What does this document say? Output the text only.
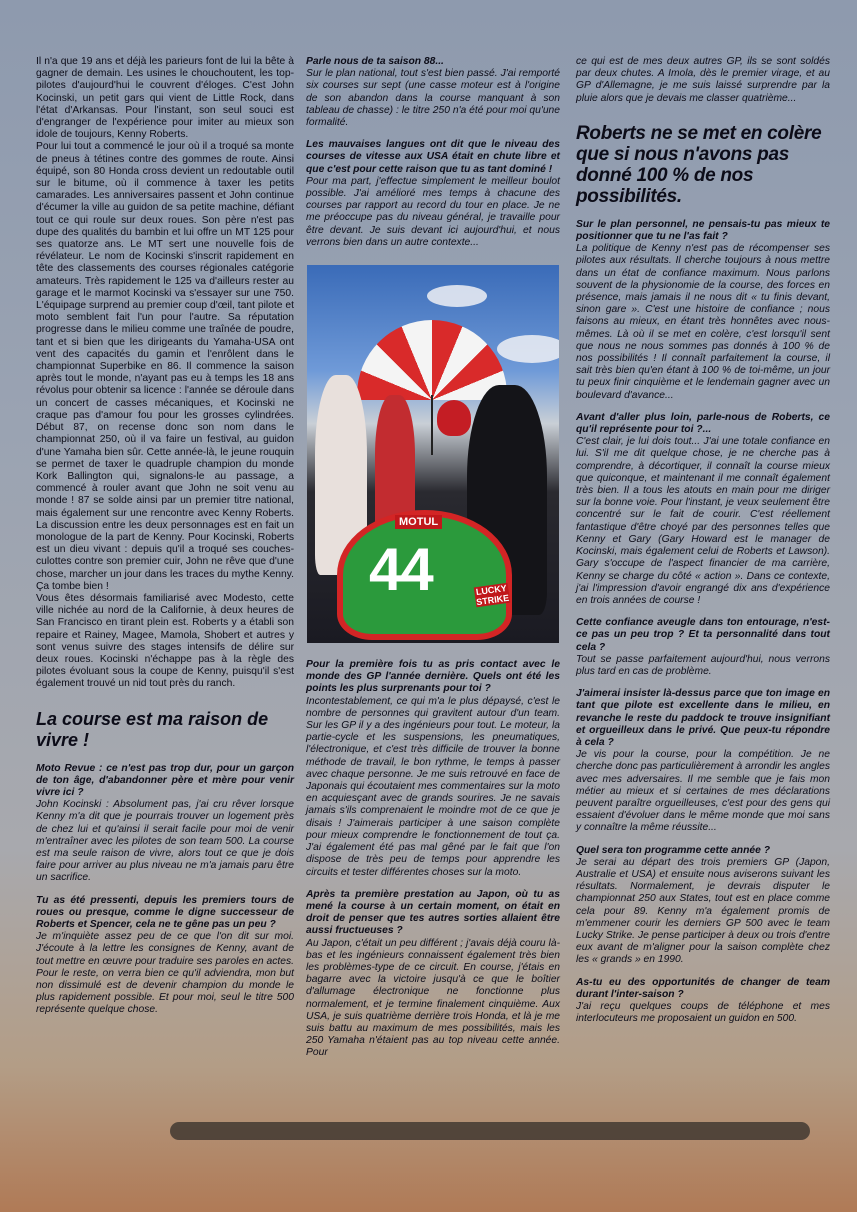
Il n'a que 19 ans et déjà les parieurs font de lui la bête à gagner de demain. Les usines le chouchoutent, les top-pilotes d'aujourd'hui le couvrent d'éloges. C'est John Kocinski, un petit gars qui vient de Little Rock, dans l'état d'Arkansas. Pour l'instant, son seul souci est d'engranger de l'expérience pour imiter au mieux son idole de toujours, Kenny Roberts.

Pour lui tout a commencé le jour où il a troqué sa monte de pneus à tétines contre des gommes de route. Ainsi équipé, son 80 Honda cross devient un redoutable outil sur le bitume, où il commence à taxer les petits camarades. Les anniversaires passent et John continue d'écumer la ville au guidon de sa petite machine, défiant tout ce qui roule sur deux roues. Son père n'est pas dupe des qualités du bambin et lui offre un MT 125 pour ses quatorze ans. Le MT sert une nouvelle fois de révélateur. Le nom de Kocinski s'inscrit rapidement en tête des classements des courses régionales catégorie amateurs. Très rapidement le 125 va d'ailleurs rester au garage et le marmot Kocinski va s'essayer sur une 750. L'équipage surprend au premier coup d'œil, tant pilote et moto semblent fait l'un pour l'autre. Sa réputation progresse dans le milieu comme une traînée de poudre, tant et si bien que les dirigeants du Yamaha-USA ont vent des capacités du gamin et l'enrôlent dans le championnat Superbike en 86. Il commence la saison après tout le monde, n'ayant pas eu à temps les 18 ans révolus pour obtenir sa licence : l'année se déroule dans un concert de casses mécaniques, et Kocinski ne craque pas d'amour fou pour les grosses cylindrées. Début 87, on recense donc son nom dans le championnat 250, où il va faire un festival, au guidon d'une Yamaha bien sûr. Cette année-là, le jeune rouquin se permet de taxer le quadruple champion du monde Kork Ballington qui, signalons-le au passage, a commencé à rouler avant que John ne soit venu au monde ! 87 se solde ainsi par un premier titre national, mais également sur une rencontre avec Kenny Roberts. La discussion entre les deux personnages est en fait un monologue de la part de Kenny. Pour Kocinski, Roberts est un dieu vivant : depuis qu'il a troqué ses couches-culottes contre son premier cuir, John ne rêve que d'une chose, marcher un jour dans les traces du mythe Kenny. Ça tombe bien !

Vous êtes désormais familiarisé avec Modesto, cette ville nichée au nord de la Californie, à deux heures de San Francisco en tirant plein est. Roberts y a établi son repaire et Rainey, Magee, Mamola, Shobert et autres y sont venus suivre des stages intensifs de délire sur deux roues. Kocinski n'échappe pas à la règle des pilotes évoluant sous la coupe de Kenny, puisqu'il s'est également trouvé un nid tout près du ranch.

La course est ma raison de vivre !

Moto Revue : ce n'est pas trop dur, pour un garçon de ton âge, d'abandonner père et mère pour venir vivre ici ?

John Kocinski : Absolument pas, j'ai cru rêver lorsque Kenny m'a dit que je pourrais trouver un logement près de chez lui et qu'ainsi il serait facile pour moi de venir m'entraîner avec les pilotes de son team 500. La course est ma seule raison de vivre, alors tout ce que je dois faire pour arriver au plus niveau ne m'a jamais paru être un sacrifice.

Tu as été pressenti, depuis les premiers tours de roues ou presque, comme le digne successeur de Roberts et Spencer, cela ne te gêne pas un peu ?

Je m'inquiète assez peu de ce que l'on dit sur moi. J'écoute à la lettre les consignes de Kenny, avant de tout mettre en œuvre pour traduire ses paroles en actes. Pour le reste, on verra bien ce qu'il adviendra, mon but non dissimulé est de devenir champion du monde le plus rapidement possible. Et pour moi, seul le titre 500 représente quelque chose.

Parle nous de ta saison 88...

Sur le plan national, tout s'est bien passé. J'ai remporté six courses sur sept (une casse moteur est à l'origine de son abandon dans la course manquant à son tableau de chasse) : le titre 250 n'a été pour moi qu'une formalité.

Les mauvaises langues ont dit que le niveau des courses de vitesse aux USA était en chute libre et que c'est pour cette raison que tu as tant dominé !

Pour ma part, j'effectue simplement le meilleur boulot possible. J'ai amélioré mes temps à chacune des courses par rapport au record du tour en place. Je ne me préoccupe pas du niveau général, je travaille pour être devant. Je suis devant ici aujourd'hui, et nous verrons bien dans un autre contexte...

Pour la première fois tu as pris contact avec le monde des GP l'année dernière. Quels ont été les points les plus surprenants pour toi ?

Incontestablement, ce qui m'a le plus dépaysé, c'est le nombre de personnes qui gravitent autour d'un team. Sur les GP il y a des ingénieurs pour tout. Le moteur, la partie-cycle et les suspensions, les pneumatiques, l'électronique, et c'est très difficile de trouver la bonne méthode de travail, le bon rythme, le temps à passer avec chaque personne. Je me suis retrouvé en face de Japonais qui écoutaient mes commentaires sur la moto en acquiesçant avec de grands sourires. Je ne savais jamais s'ils comprenaient le moindre mot de ce que je disais ! J'aimerais participer à une saison complète pour mieux comprendre le fonctionnement de tout ça. J'ai également été pas mal gêné par le fait que l'on dispose de très peu de temps pour apprendre les circuits et tester différentes choses sur la moto.

Après ta première prestation au Japon, où tu as mené la course à un certain moment, on était en droit de penser que tes autres sorties allaient être aussi fructueuses ?

Au Japon, c'était un peu différent ; j'avais déjà couru là-bas et les ingénieurs connaissent également très bien les problèmes-type de ce circuit. En course, j'étais en bagarre avec la victoire jusqu'à ce que le boîtier d'allumage électronique ne fonctionne plus normalement, et je termine finalement cinquième. Aux USA, je suis quatrième derrière trois Honda, et là je me suis battu au maximum de mes possibilités, mais les 250 Yamaha n'étaient pas au top niveau cette année. Pour

MOTUL
44	LUCKY STRIKE

ce qui est de mes deux autres GP, ils se sont soldés par deux chutes. A Imola, dès le premier virage, et au GP d'Allemagne, je me suis laissé surprendre par la pluie alors que je devais me classer quatrième...

Roberts ne se met en colère que si nous n'avons pas donné 100 % de nos possibilités.

Sur le plan personnel, ne pensais-tu pas mieux te positionner que tu ne l'as fait ?

La politique de Kenny n'est pas de récompenser ses pilotes aux résultats. Il cherche toujours à nous mettre dans un état de confiance maximum. Nous parlons souvent de la physionomie de la course, des forces en présence, mais jamais il ne nous dit « tu finis devant, sinon gare ». C'est une histoire de confiance ; nous faisons au mieux, en étant très honnêtes avec nous-mêmes. Là où il se met en colère, c'est lorsqu'il sent que nous ne nous sommes pas donnés à 100 % de nos possibilités ! Il connaît parfaitement la course, il sait très bien qu'en étant à 100 % de toi-même, un jour tu peux finir cinquième et le lendemain gagner avec un boulevard d'avance...

Avant d'aller plus loin, parle-nous de Roberts, ce qu'il représente pour toi ?...

C'est clair, je lui dois tout... J'ai une totale confiance en lui. S'il me dit quelque chose, je ne cherche pas à comprendre, à décortiquer, il connaît la course mieux que quiconque, et maintenant il me connaît également très bien. Il a tous les atouts en main pour me diriger sur la bonne voie. Pour l'instant, je veux seulement être concentré sur le fait de courir. C'est réellement fantastique d'être choyé par des personnes telles que Kenny et Gary (Gary Howard est le manager de Kocinski, mais également celui de Roberts et Lawson). Gary s'occupe de l'aspect financier de ma carrière, Kenny se charge du côté « action ». Dans ce contexte, j'ai l'impression d'avoir engrangé dix ans d'expérience en trois années de course !

Cette confiance aveugle dans ton entourage, n'est-ce pas un peu trop ? Et ta personnalité dans tout cela ?

Tout se passe parfaitement aujourd'hui, nous verrons plus tard en cas de problème.

J'aimerai insister là-dessus parce que ton image en tant que pilote est excellente dans le milieu, en revanche le reste du paddock te trouve insignifiant et orgueilleux dans le privé. Que peux-tu répondre à cela ?

Je vis pour la course, pour la compétition. Je ne cherche donc pas particulièrement à arrondir les angles avec mes adversaires. Il me semble que je fais mon métier au mieux et si certaines de mes déclarations peuvent paraître orgueilleuses, c'est pour des gens qui essaient d'évoluer dans le même monde que moi sans y connaître la même réussite...

Quel sera ton programme cette année ?

Je serai au départ des trois premiers GP (Japon, Australie et USA) et ensuite nous aviserons suivant les résultats. Normalement, je devrais disputer le championnat 250 aux States, tout est en place comme cela pour 89. Kenny m'a également promis de m'emmener courir les derniers GP 500 avec le team Lucky Strike. Je pense participer à deux ou trois d'entre eux avant de m'aligner pour la saison complète chez les « grands » en 1990.

As-tu eu des opportunités de changer de team durant l'inter-saison ?

J'ai reçu quelques coups de téléphone et mes interlocuteurs me proposaient un guidon en 500.
